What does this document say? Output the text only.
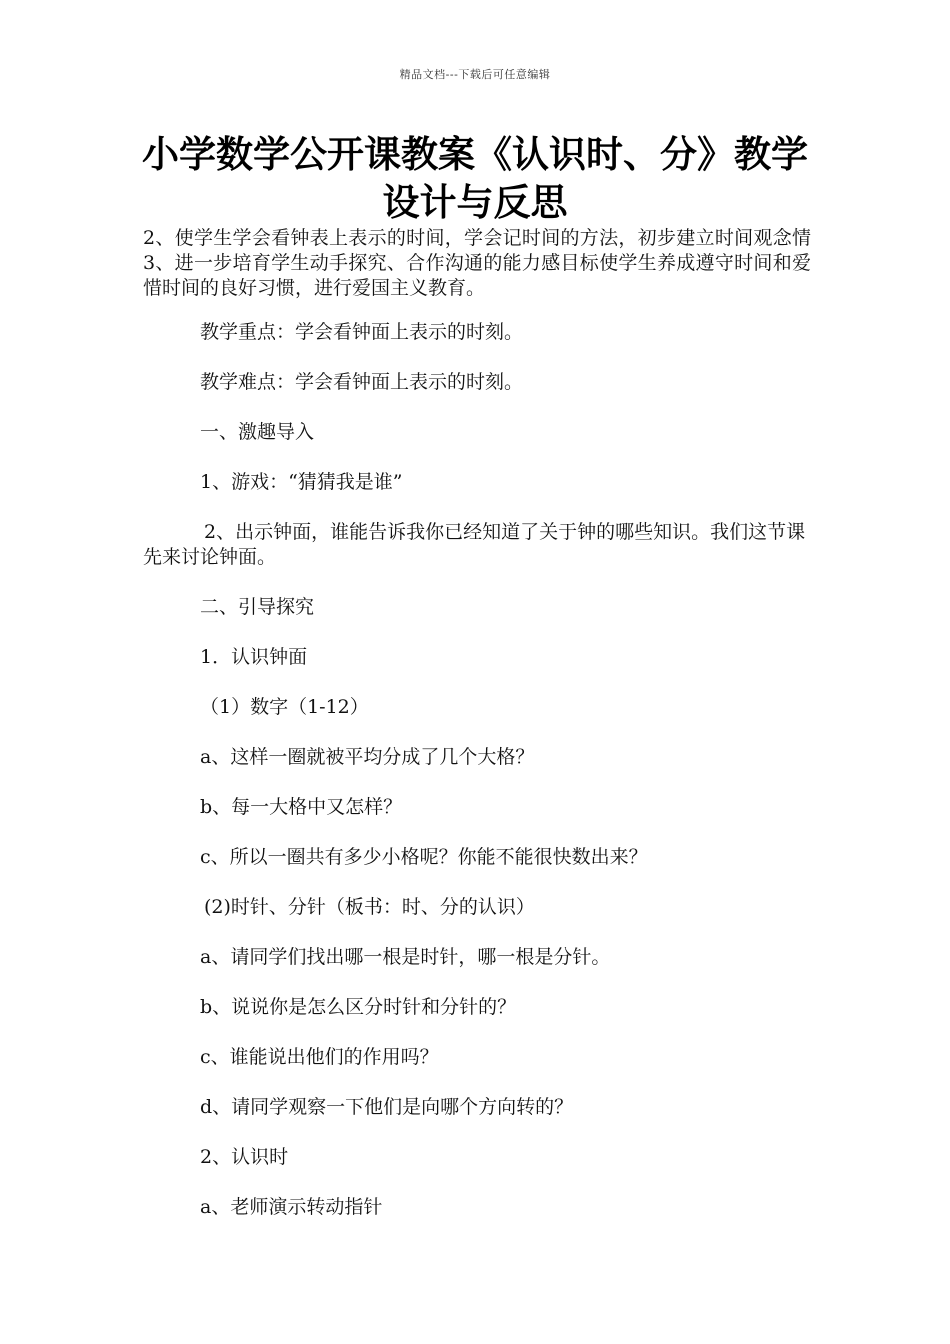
精品文档---下载后可任意编辑
小学数学公开课教案《认识时、分》教学设计与反思

2、使学生学会看钟表上表示的时间，学会记时间的方法，初步建立时间观念情 3、进一步培育学生动手探究、合作沟通的能力感目标使学生养成遵守时间和爱惜时间的良好习惯，进行爱国主义教育。

教学重点：学会看钟面上表示的时刻。

教学难点：学会看钟面上表示的时刻。

一、激趣导入

1、游戏：“猜猜我是谁”

2、出示钟面，谁能告诉我你已经知道了关于钟的哪些知识。我们这节课先来讨论钟面。

二、引导探究

1．认识钟面

（1）数字（1-12）

a、这样一圈就被平均分成了几个大格？

b、每一大格中又怎样？

c、所以一圈共有多少小格呢？你能不能很快数出来？

(2)时针、分针（板书：时、分的认识）

a、请同学们找出哪一根是时针，哪一根是分针。

b、说说你是怎么区分时针和分针的？

c、谁能说出他们的作用吗？

d、请同学观察一下他们是向哪个方向转的？

2、认识时

a、老师演示转动指针
